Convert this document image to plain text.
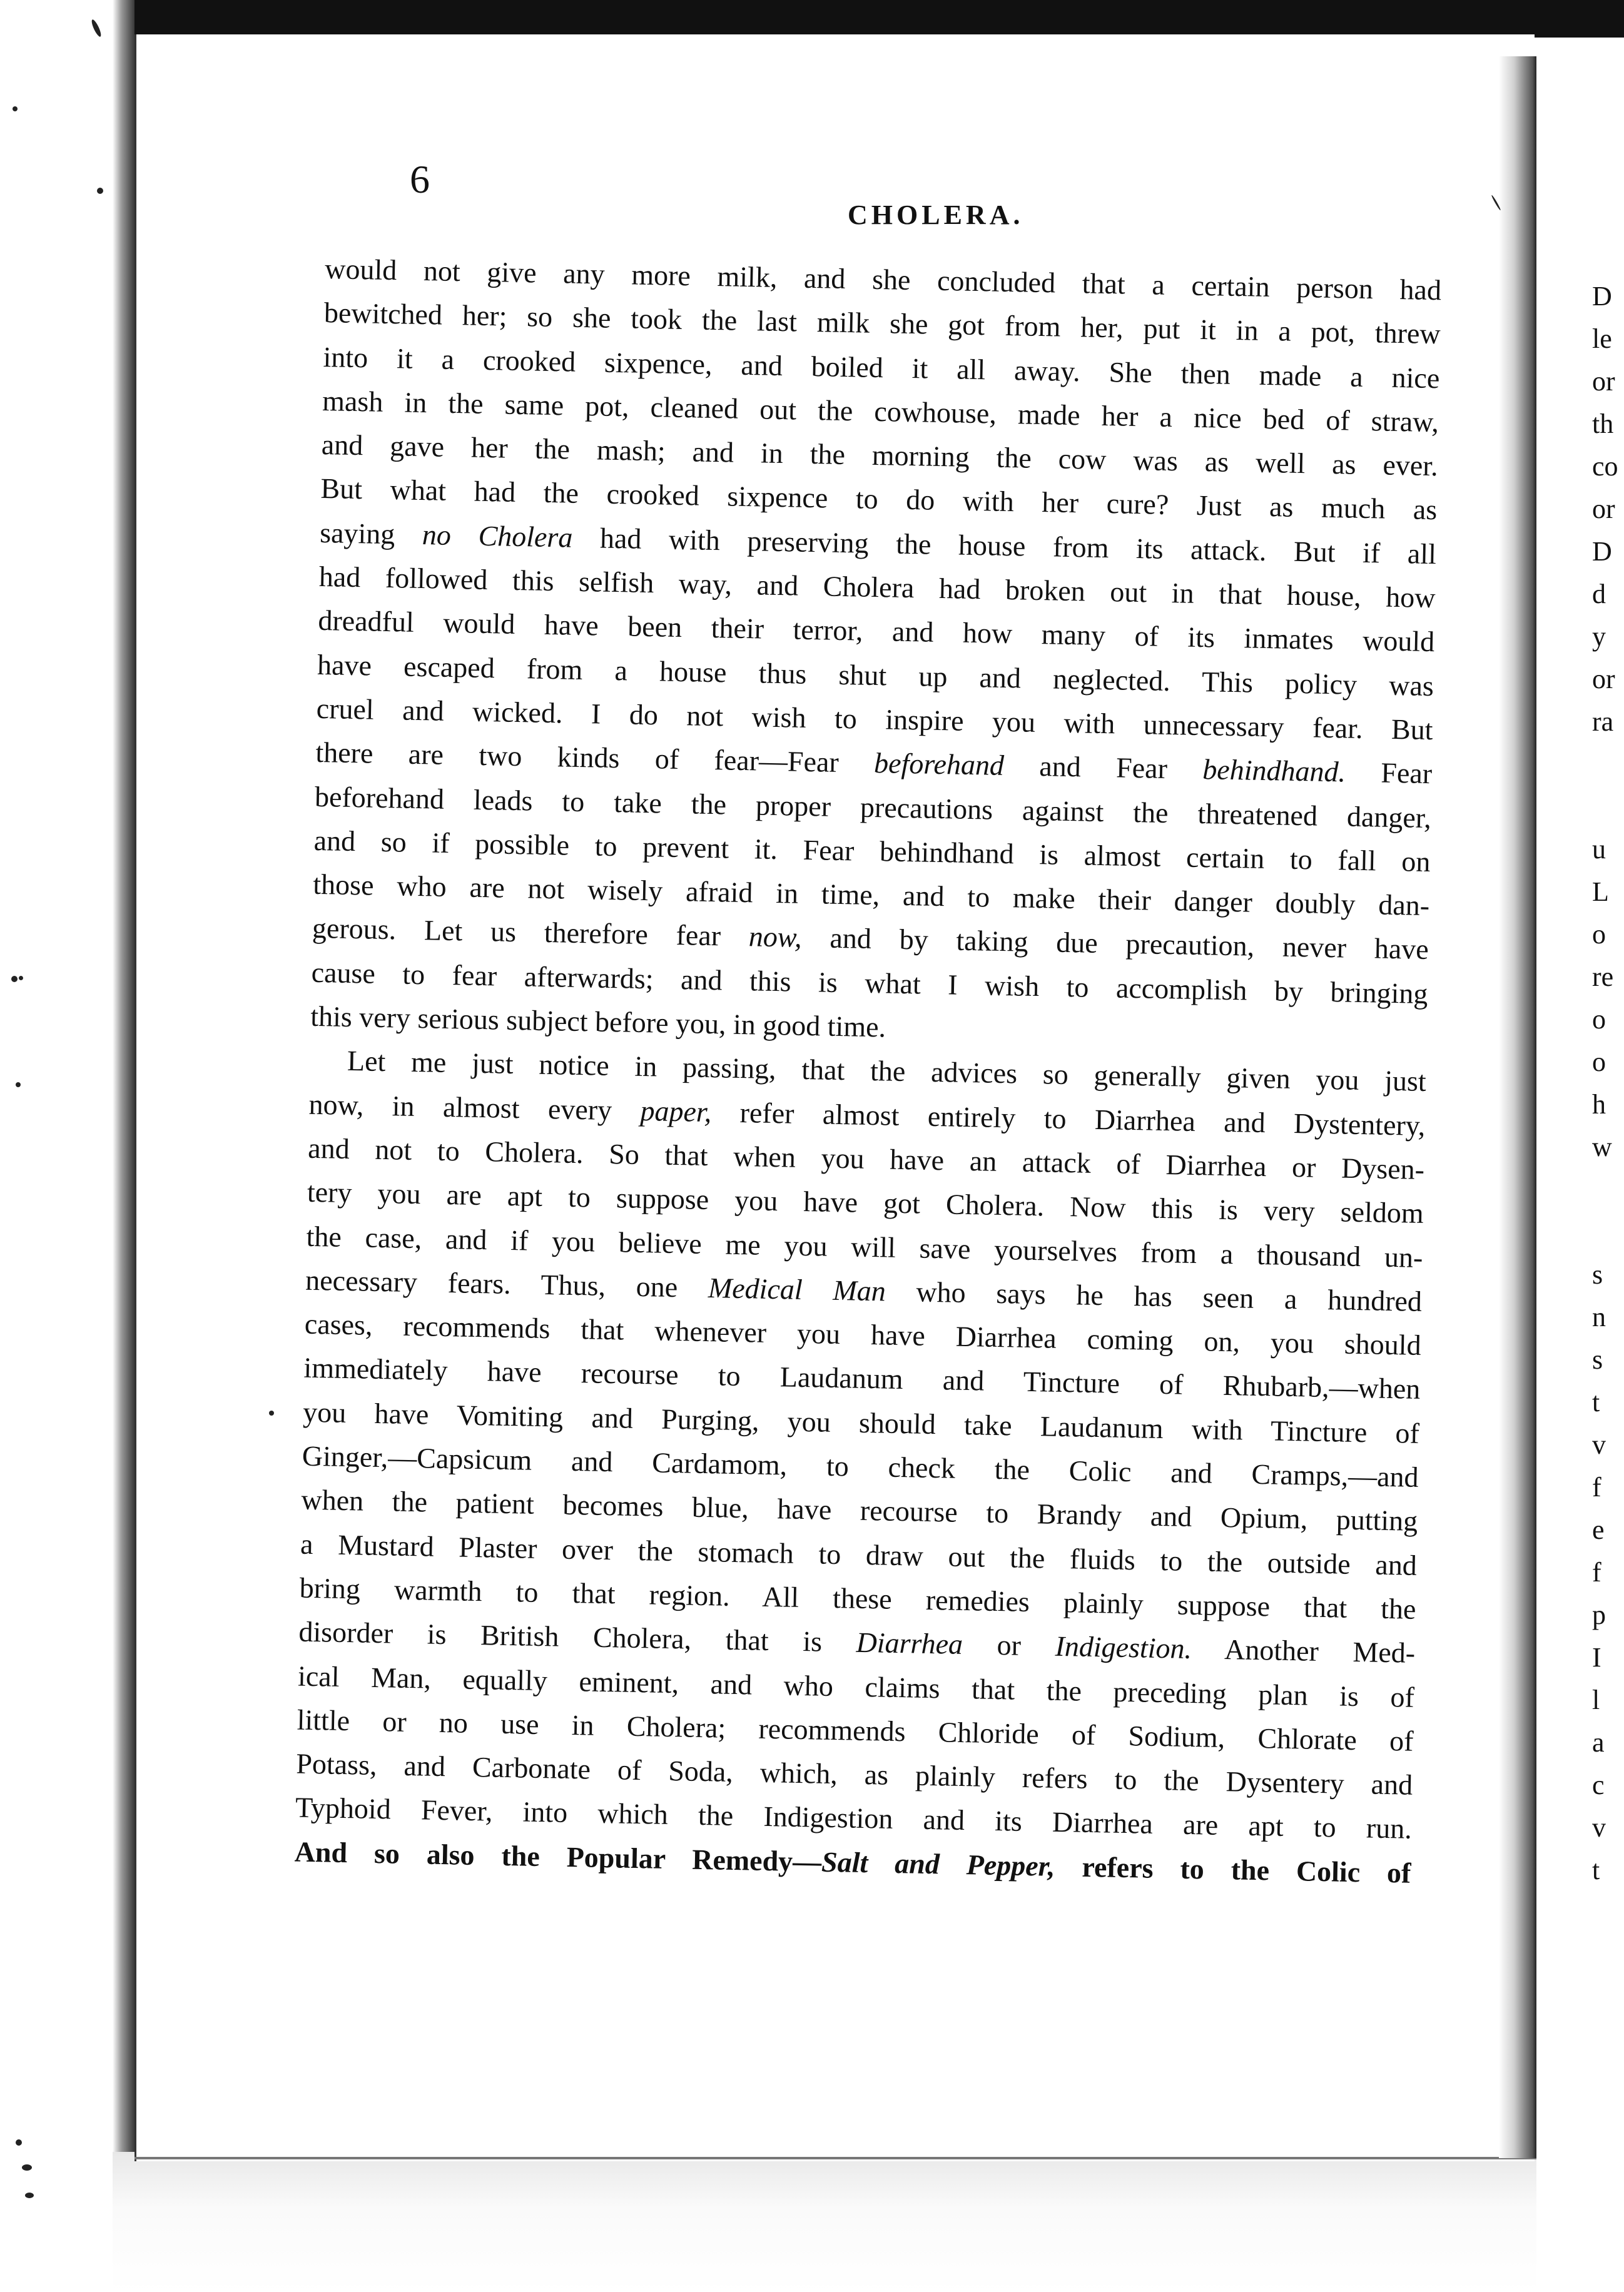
6
CHOLERA.
would not give any more milk, and she concluded that a certain person had
bewitched her; so she took the last milk she got from her, put it in a pot, threw
into it a crooked sixpence, and boiled it all away. She then made a nice
mash in the same pot, cleaned out the cowhouse, made her a nice bed of straw,
and gave her the mash; and in the morning the cow was as well as ever.
But what had the crooked sixpence to do with her cure? Just as much as
saying no Cholera had with preserving the house from its attack. But if all
had followed this selfish way, and Cholera had broken out in that house, how
dreadful would have been their terror, and how many of its inmates would
have escaped from a house thus shut up and neglected. This policy was
cruel and wicked. I do not wish to inspire you with unnecessary fear. But
there are two kinds of fear—Fear beforehand and Fear behindhand. Fear
beforehand leads to take the proper precautions against the threatened danger,
and so if possible to prevent it. Fear behindhand is almost certain to fall on
those who are not wisely afraid in time, and to make their danger doubly dan-
gerous. Let us therefore fear now, and by taking due precaution, never have
cause to fear afterwards; and this is what I wish to accomplish by bringing
this very serious subject before you, in good time.
Let me just notice in passing, that the advices so generally given you just
now, in almost every paper, refer almost entirely to Diarrhea and Dystentery,
and not to Cholera. So that when you have an attack of Diarrhea or Dysen-
tery you are apt to suppose you have got Cholera. Now this is very seldom
the case, and if you believe me you will save yourselves from a thousand un-
necessary fears. Thus, one Medical Man who says he has seen a hundred
cases, recommends that whenever you have Diarrhea coming on, you should
immediately have recourse to Laudanum and Tincture of Rhubarb,—when
you have Vomiting and Purging, you should take Laudanum with Tincture of
Ginger,—Capsicum and Cardamom, to check the Colic and Cramps,—and
when the patient becomes blue, have recourse to Brandy and Opium, putting
a Mustard Plaster over the stomach to draw out the fluids to the outside and
bring warmth to that region. All these remedies plainly suppose that the
disorder is British Cholera, that is Diarrhea or Indigestion. Another Med-
ical Man, equally eminent, and who claims that the preceding plan is of
little or no use in Cholera; recommends Chloride of Sodium, Chlorate of
Potass, and Carbonate of Soda, which, as plainly refers to the Dysentery and
Typhoid Fever, into which the Indigestion and its Diarrhea are apt to run.
And so also the Popular Remedy—Salt and Pepper, refers to the Colic of
D
le
or
th
co
or
D
d
y
or
ra
u
L
o
re
o
o
h
w
s
n
s
t
v
f
e
f
p
I
l
a
c
v
t
